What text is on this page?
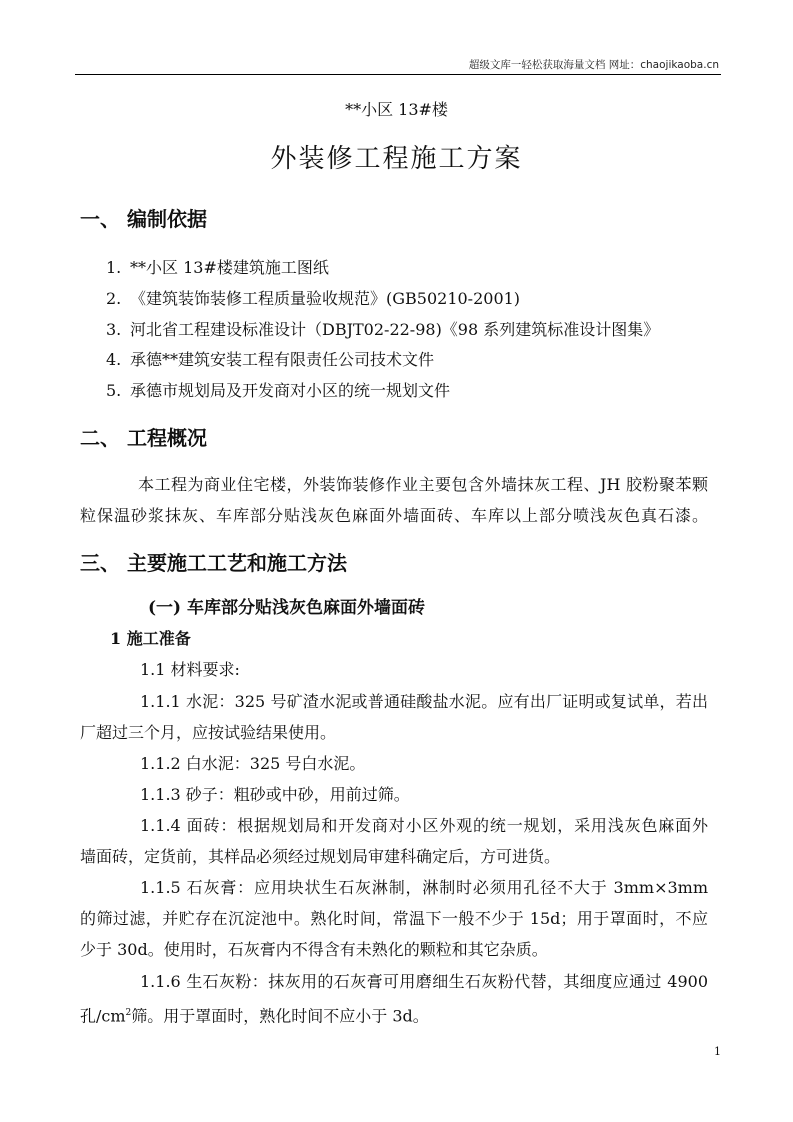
超级文库一轻松获取海量文档 网址：chaojikaoba.cn
**小区 13#楼
外装修工程施工方案
一、 编制依据
1. **小区 13#楼建筑施工图纸
2. 《建筑装饰装修工程质量验收规范》(GB50210-2001)
3. 河北省工程建设标准设计（DBJT02-22-98)《98 系列建筑标准设计图集》
4. 承德**建筑安装工程有限责任公司技术文件
5. 承德市规划局及开发商对小区的统一规划文件
二、 工程概况
本工程为商业住宅楼，外装饰装修作业主要包含外墙抹灰工程、JH 胶粉聚苯颗
粒保温砂浆抹灰、车库部分贴浅灰色麻面外墙面砖、车库以上部分喷浅灰色真石漆。
三、 主要施工工艺和施工方法
(一) 车库部分贴浅灰色麻面外墙面砖
1 施工准备
1.1 材料要求:
1.1.1 水泥：325 号矿渣水泥或普通硅酸盐水泥。应有出厂证明或复试单，若出
厂超过三个月，应按试验结果使用。
1.1.2 白水泥：325 号白水泥。
1.1.3 砂子：粗砂或中砂，用前过筛。
1.1.4 面砖：根据规划局和开发商对小区外观的统一规划，采用浅灰色麻面外
墙面砖，定货前，其样品必须经过规划局审建科确定后，方可进货。
1.1.5 石灰膏：应用块状生石灰淋制，淋制时必须用孔径不大于 3mm×3mm
的筛过滤，并贮存在沉淀池中。熟化时间，常温下一般不少于 15d；用于罩面时，不应
少于 30d。使用时，石灰膏内不得含有未熟化的颗粒和其它杂质。
1.1.6 生石灰粉：抹灰用的石灰膏可用磨细生石灰粉代替，其细度应通过 4900
孔$/cm^2$筛。用于罩面时，熟化时间不应小于 3d。
1
